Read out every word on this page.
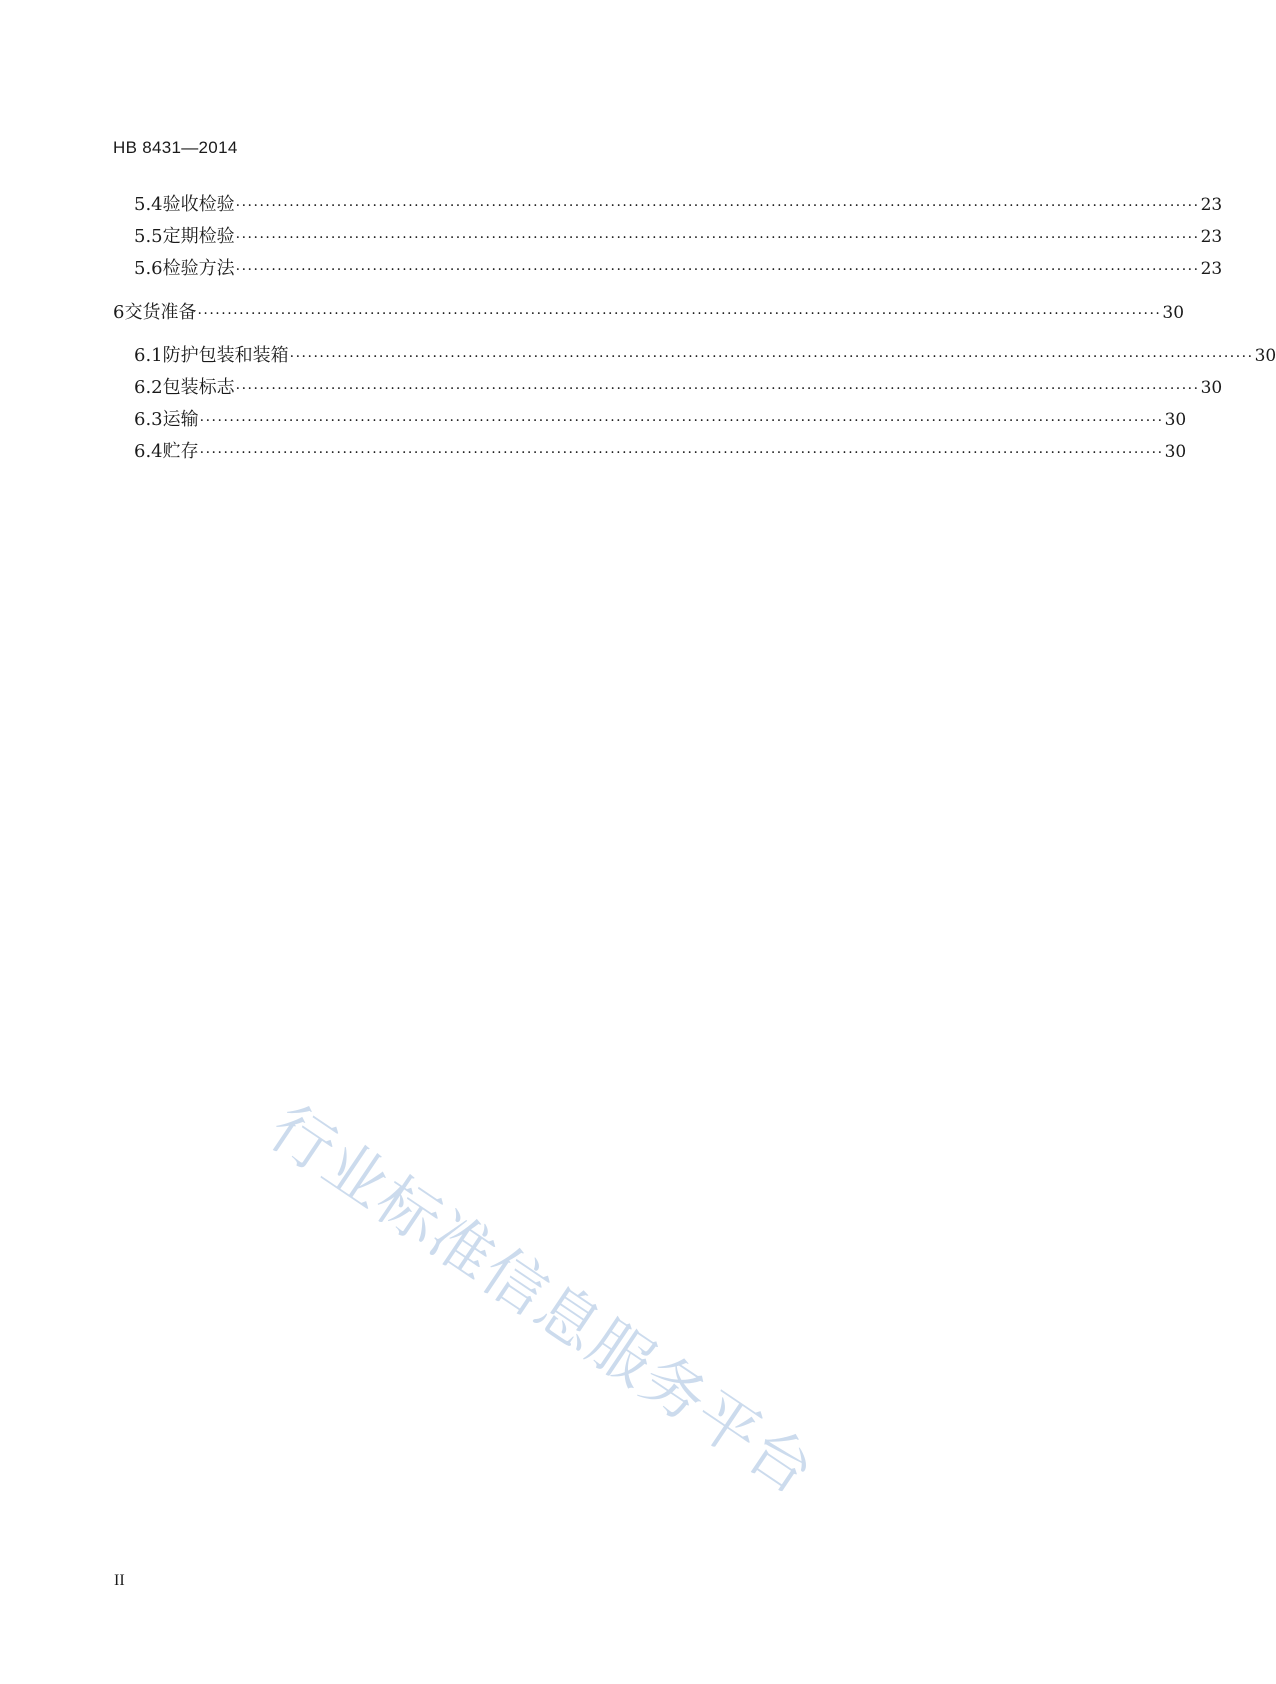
HB 8431—2014
5.4 验收检验 ·································································································································································· 23
5.5 定期检验 ·································································································································································· 23
5.6 检验方法 ·································································································································································· 23
6 交货准备 ·································································································································································· 30
6.1 防护包装和装箱 ·································································································································································· 30
6.2 包装标志 ·································································································································································· 30
6.3 运输 ·································································································································································· 30
6.4 贮存 ·································································································································································· 30
行业标准信息服务平台
II
